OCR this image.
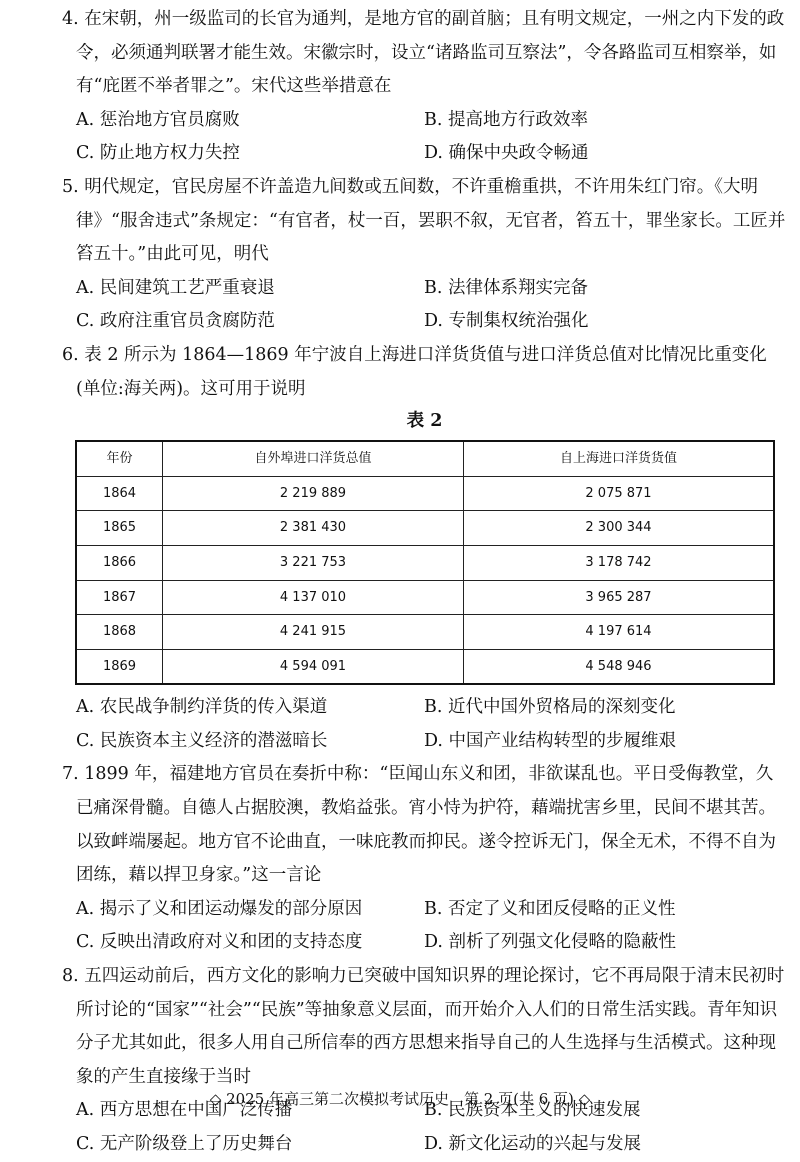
4. 在宋朝，州一级监司的长官为通判，是地方官的副首脑；且有明文规定，一州之内下发的政令，必须通判联署才能生效。宋徽宗时，设立“诸路监司互察法”，令各路监司互相察举，如有“庇匿不举者罪之”。宋代这些举措意在
A. 惩治地方官员腐败	B. 提高地方行政效率
C. 防止地方权力失控	D. 确保中央政令畅通
5. 明代规定，官民房屋不许盖造九间数或五间数，不许重檐重拱，不许用朱红门帘。《大明律》“服舍违式”条规定：“有官者，杖一百，罢职不叙，无官者，笞五十，罪坐家长。工匠并笞五十。”由此可见，明代
A. 民间建筑工艺严重衰退	B. 法律体系翔实完备
C. 政府注重官员贪腐防范	D. 专制集权统治强化
6. 表 2 所示为 1864—1869 年宁波自上海进口洋货货值与进口洋货总值对比情况比重变化(单位:海关两)。这可用于说明
表 2
年份	自外埠进口洋货总值	自上海进口洋货货值
1864	2 219 889	2 075 871
1865	2 381 430	2 300 344
1866	3 221 753	3 178 742
1867	4 137 010	3 965 287
1868	4 241 915	4 197 614
1869	4 594 091	4 548 946
A. 农民战争制约洋货的传入渠道	B. 近代中国外贸格局的深刻变化
C. 民族资本主义经济的潜滋暗长	D. 中国产业结构转型的步履维艰
7. 1899 年，福建地方官员在奏折中称：“臣闻山东义和团，非欲谋乱也。平日受侮教堂，久已痛深骨髓。自德人占据胶澳，教焰益张。宵小恃为护符，藉端扰害乡里，民间不堪其苦。以致衅端屡起。地方官不论曲直，一味庇教而抑民。遂令控诉无门，保全无术，不得不自为团练，藉以捍卫身家。”这一言论
A. 揭示了义和团运动爆发的部分原因	B. 否定了义和团反侵略的正义性
C. 反映出清政府对义和团的支持态度	D. 剖析了列强文化侵略的隐蔽性
8. 五四运动前后，西方文化的影响力已突破中国知识界的理论探讨，它不再局限于清末民初时所讨论的“国家”“社会”“民族”等抽象意义层面，而开始介入人们的日常生活实践。青年知识分子尤其如此，很多人用自己所信奉的西方思想来指导自己的人生选择与生活模式。这种现象的产生直接缘于当时
A. 西方思想在中国广泛传播	B. 民族资本主义的快速发展
C. 无产阶级登上了历史舞台	D. 新文化运动的兴起与发展
◇ 2025 年高三第二次模拟考试历史　第 2 页(共 6 页) ◇
